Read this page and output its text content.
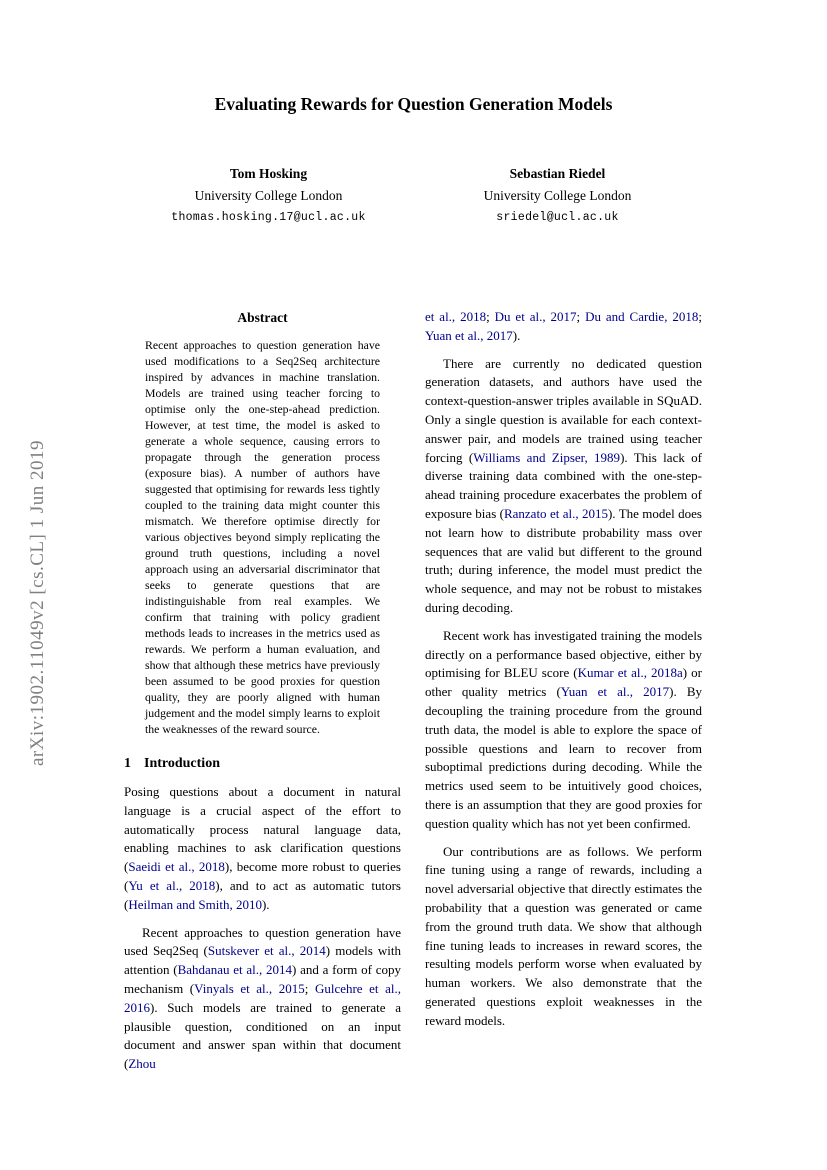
arXiv:1902.11049v2 [cs.CL] 1 Jun 2019
Evaluating Rewards for Question Generation Models
Tom Hosking
University College London
thomas.hosking.17@ucl.ac.uk
Sebastian Riedel
University College London
sriedel@ucl.ac.uk
Abstract

Recent approaches to question generation have used modifications to a Seq2Seq architecture inspired by advances in machine translation. Models are trained using teacher forcing to optimise only the one-step-ahead prediction. However, at test time, the model is asked to generate a whole sequence, causing errors to propagate through the generation process (exposure bias). A number of authors have suggested that optimising for rewards less tightly coupled to the training data might counter this mismatch. We therefore optimise directly for various objectives beyond simply replicating the ground truth questions, including a novel approach using an adversarial discriminator that seeks to generate questions that are indistinguishable from real examples. We confirm that training with policy gradient methods leads to increases in the metrics used as rewards. We perform a human evaluation, and show that although these metrics have previously been assumed to be good proxies for question quality, they are poorly aligned with human judgement and the model simply learns to exploit the weaknesses of the reward source.

1 Introduction

Posing questions about a document in natural language is a crucial aspect of the effort to automatically process natural language data, enabling machines to ask clarification questions (Saeidi et al., 2018), become more robust to queries (Yu et al., 2018), and to act as automatic tutors (Heilman and Smith, 2010).

Recent approaches to question generation have used Seq2Seq (Sutskever et al., 2014) models with attention (Bahdanau et al., 2014) and a form of copy mechanism (Vinyals et al., 2015; Gulcehre et al., 2016). Such models are trained to generate a plausible question, conditioned on an input document and answer span within that document (Zhou

et al., 2018; Du et al., 2017; Du and Cardie, 2018; Yuan et al., 2017).

There are currently no dedicated question generation datasets, and authors have used the context-question-answer triples available in SQuAD. Only a single question is available for each context-answer pair, and models are trained using teacher forcing (Williams and Zipser, 1989). This lack of diverse training data combined with the one-step-ahead training procedure exacerbates the problem of exposure bias (Ranzato et al., 2015). The model does not learn how to distribute probability mass over sequences that are valid but different to the ground truth; during inference, the model must predict the whole sequence, and may not be robust to mistakes during decoding.

Recent work has investigated training the models directly on a performance based objective, either by optimising for BLEU score (Kumar et al., 2018a) or other quality metrics (Yuan et al., 2017). By decoupling the training procedure from the ground truth data, the model is able to explore the space of possible questions and learn to recover from suboptimal predictions during decoding. While the metrics used seem to be intuitively good choices, there is an assumption that they are good proxies for question quality which has not yet been confirmed.

Our contributions are as follows. We perform fine tuning using a range of rewards, including a novel adversarial objective that directly estimates the probability that a question was generated or came from the ground truth data. We show that although fine tuning leads to increases in reward scores, the resulting models perform worse when evaluated by human workers. We also demonstrate that the generated questions exploit weaknesses in the reward models.
